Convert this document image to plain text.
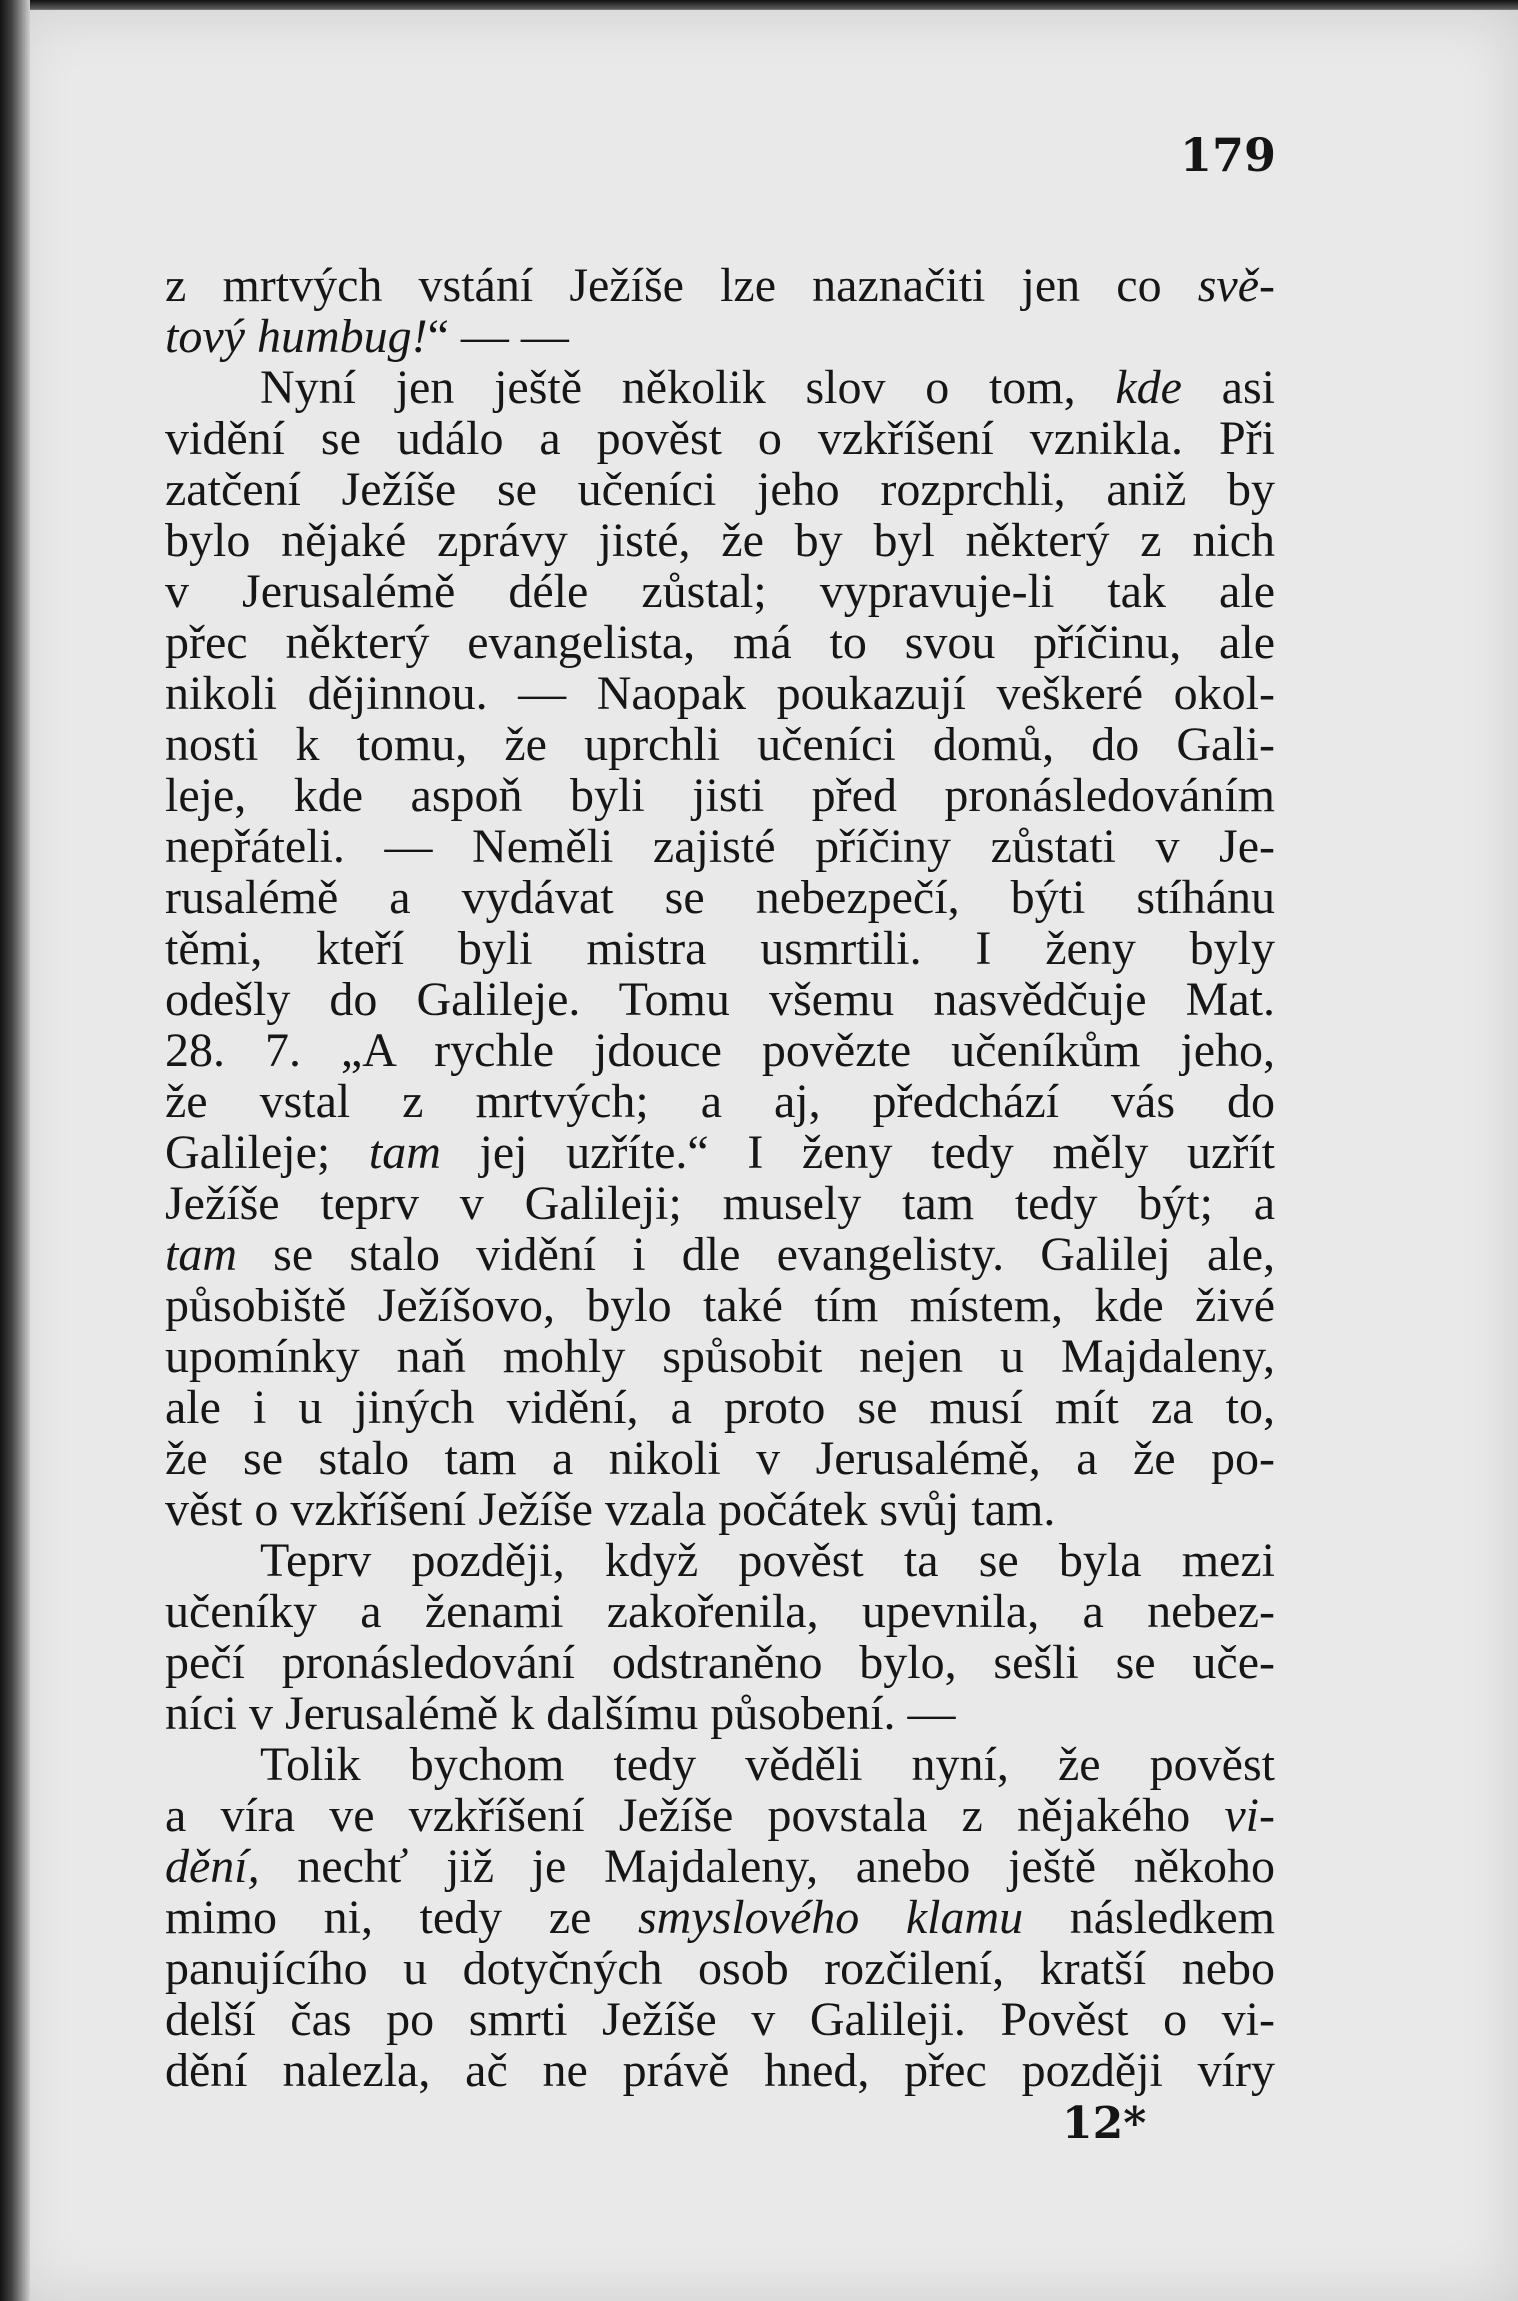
179
z mrtvých vstání Ježíše lze naznačiti jen co svě-
tový humbug!“ — —
Nyní jen ještě několik slov o tom, kde asi
vidění se událo a pověst o vzkříšení vznikla. Při
zatčení Ježíše se učeníci jeho rozprchli, aniž by
bylo nějaké zprávy jisté, že by byl některý z nich
v Jerusalémě déle zůstal; vypravuje-li tak ale
přec některý evangelista, má to svou příčinu, ale
nikoli dějinnou. — Naopak poukazují veškeré okol-
nosti k tomu, že uprchli učeníci domů, do Gali-
leje, kde aspoň byli jisti před pronásledováním
nepřáteli. — Neměli zajisté příčiny zůstati v Je-
rusalémě a vydávat se nebezpečí, býti stíhánu
těmi, kteří byli mistra usmrtili. I ženy byly
odešly do Galileje. Tomu všemu nasvědčuje Mat.
28. 7. „A rychle jdouce povězte učeníkům jeho,
že vstal z mrtvých; a aj, předchází vás do
Galileje; tam jej uzříte.“ I ženy tedy měly uzřít
Ježíše teprv v Galileji; musely tam tedy být; a
tam se stalo vidění i dle evangelisty. Galilej ale,
působiště Ježíšovo, bylo také tím místem, kde živé
upomínky naň mohly spůsobit nejen u Majdaleny,
ale i u jiných vidění, a proto se musí mít za to,
že se stalo tam a nikoli v Jerusalémě, a že po-
věst o vzkříšení Ježíše vzala počátek svůj tam.
Teprv později, když pověst ta se byla mezi
učeníky a ženami zakořenila, upevnila, a nebez-
pečí pronásledování odstraněno bylo, sešli se uče-
níci v Jerusalémě k dalšímu působení. —
Tolik bychom tedy věděli nyní, že pověst
a víra ve vzkříšení Ježíše povstala z nějakého vi-
dění, nechť již je Majdaleny, anebo ještě někoho
mimo ni, tedy ze smyslového klamu následkem
panujícího u dotyčných osob rozčilení, kratší nebo
delší čas po smrti Ježíše v Galileji. Pověst o vi-
dění nalezla, ač ne právě hned, přec později víry
12*
